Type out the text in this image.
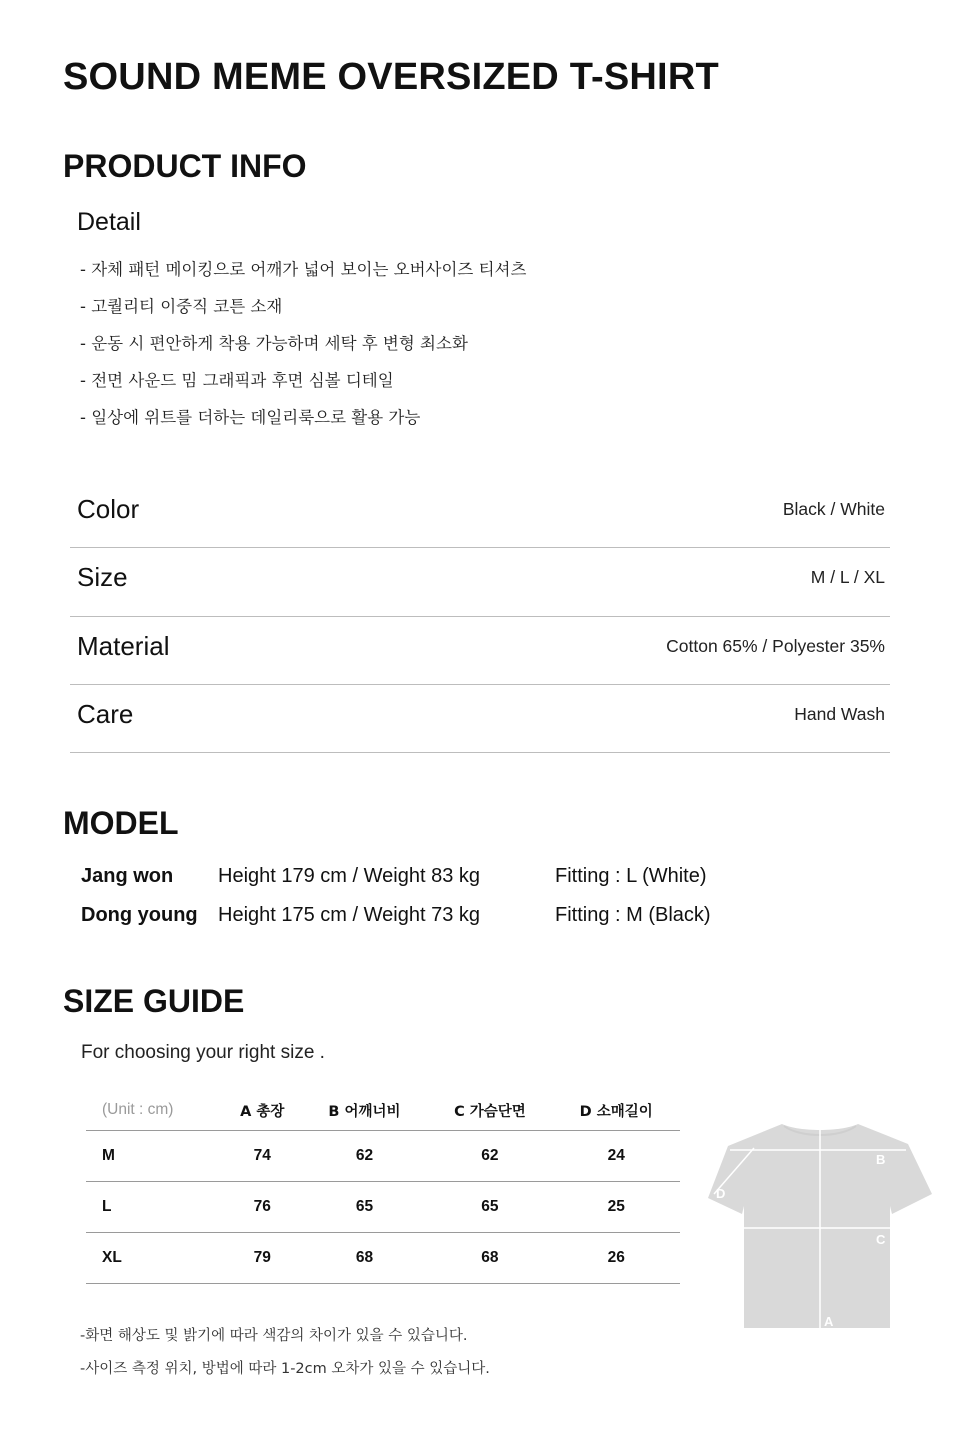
SOUND MEME OVERSIZED T-SHIRT
PRODUCT INFO
Detail
- 자체 패턴 메이킹으로 어깨가 넓어 보이는 오버사이즈 티셔츠
- 고퀄리티 이중직 코튼 소재
- 운동 시 편안하게 착용 가능하며 세탁 후 변형 최소화
- 전면 사운드 밈 그래픽과 후면 심볼 디테일
- 일상에 위트를 더하는 데일리룩으로 활용 가능
Color	Black / White
Size	M / L / XL
Material	Cotton 65% / Polyester 35%
Care	Hand Wash
MODEL
Jang won Height 179 cm / Weight 83 kg	Fitting : L (White)
Dong young Height 175 cm / Weight 73 kg	Fitting : M (Black)
SIZE GUIDE
For choosing your right size .
(Unit : cm)	A 총장	B 어깨너비	C 가슴단면	D 소매길이
M	74	62	62	24
L	76	65	65	25
XL	79	68	68	26
A
B
C
D
-화면 해상도 및 밝기에 따라 색감의 차이가 있을 수 있습니다.
-사이즈 측정 위치, 방법에 따라 1-2cm 오차가 있을 수 있습니다.
